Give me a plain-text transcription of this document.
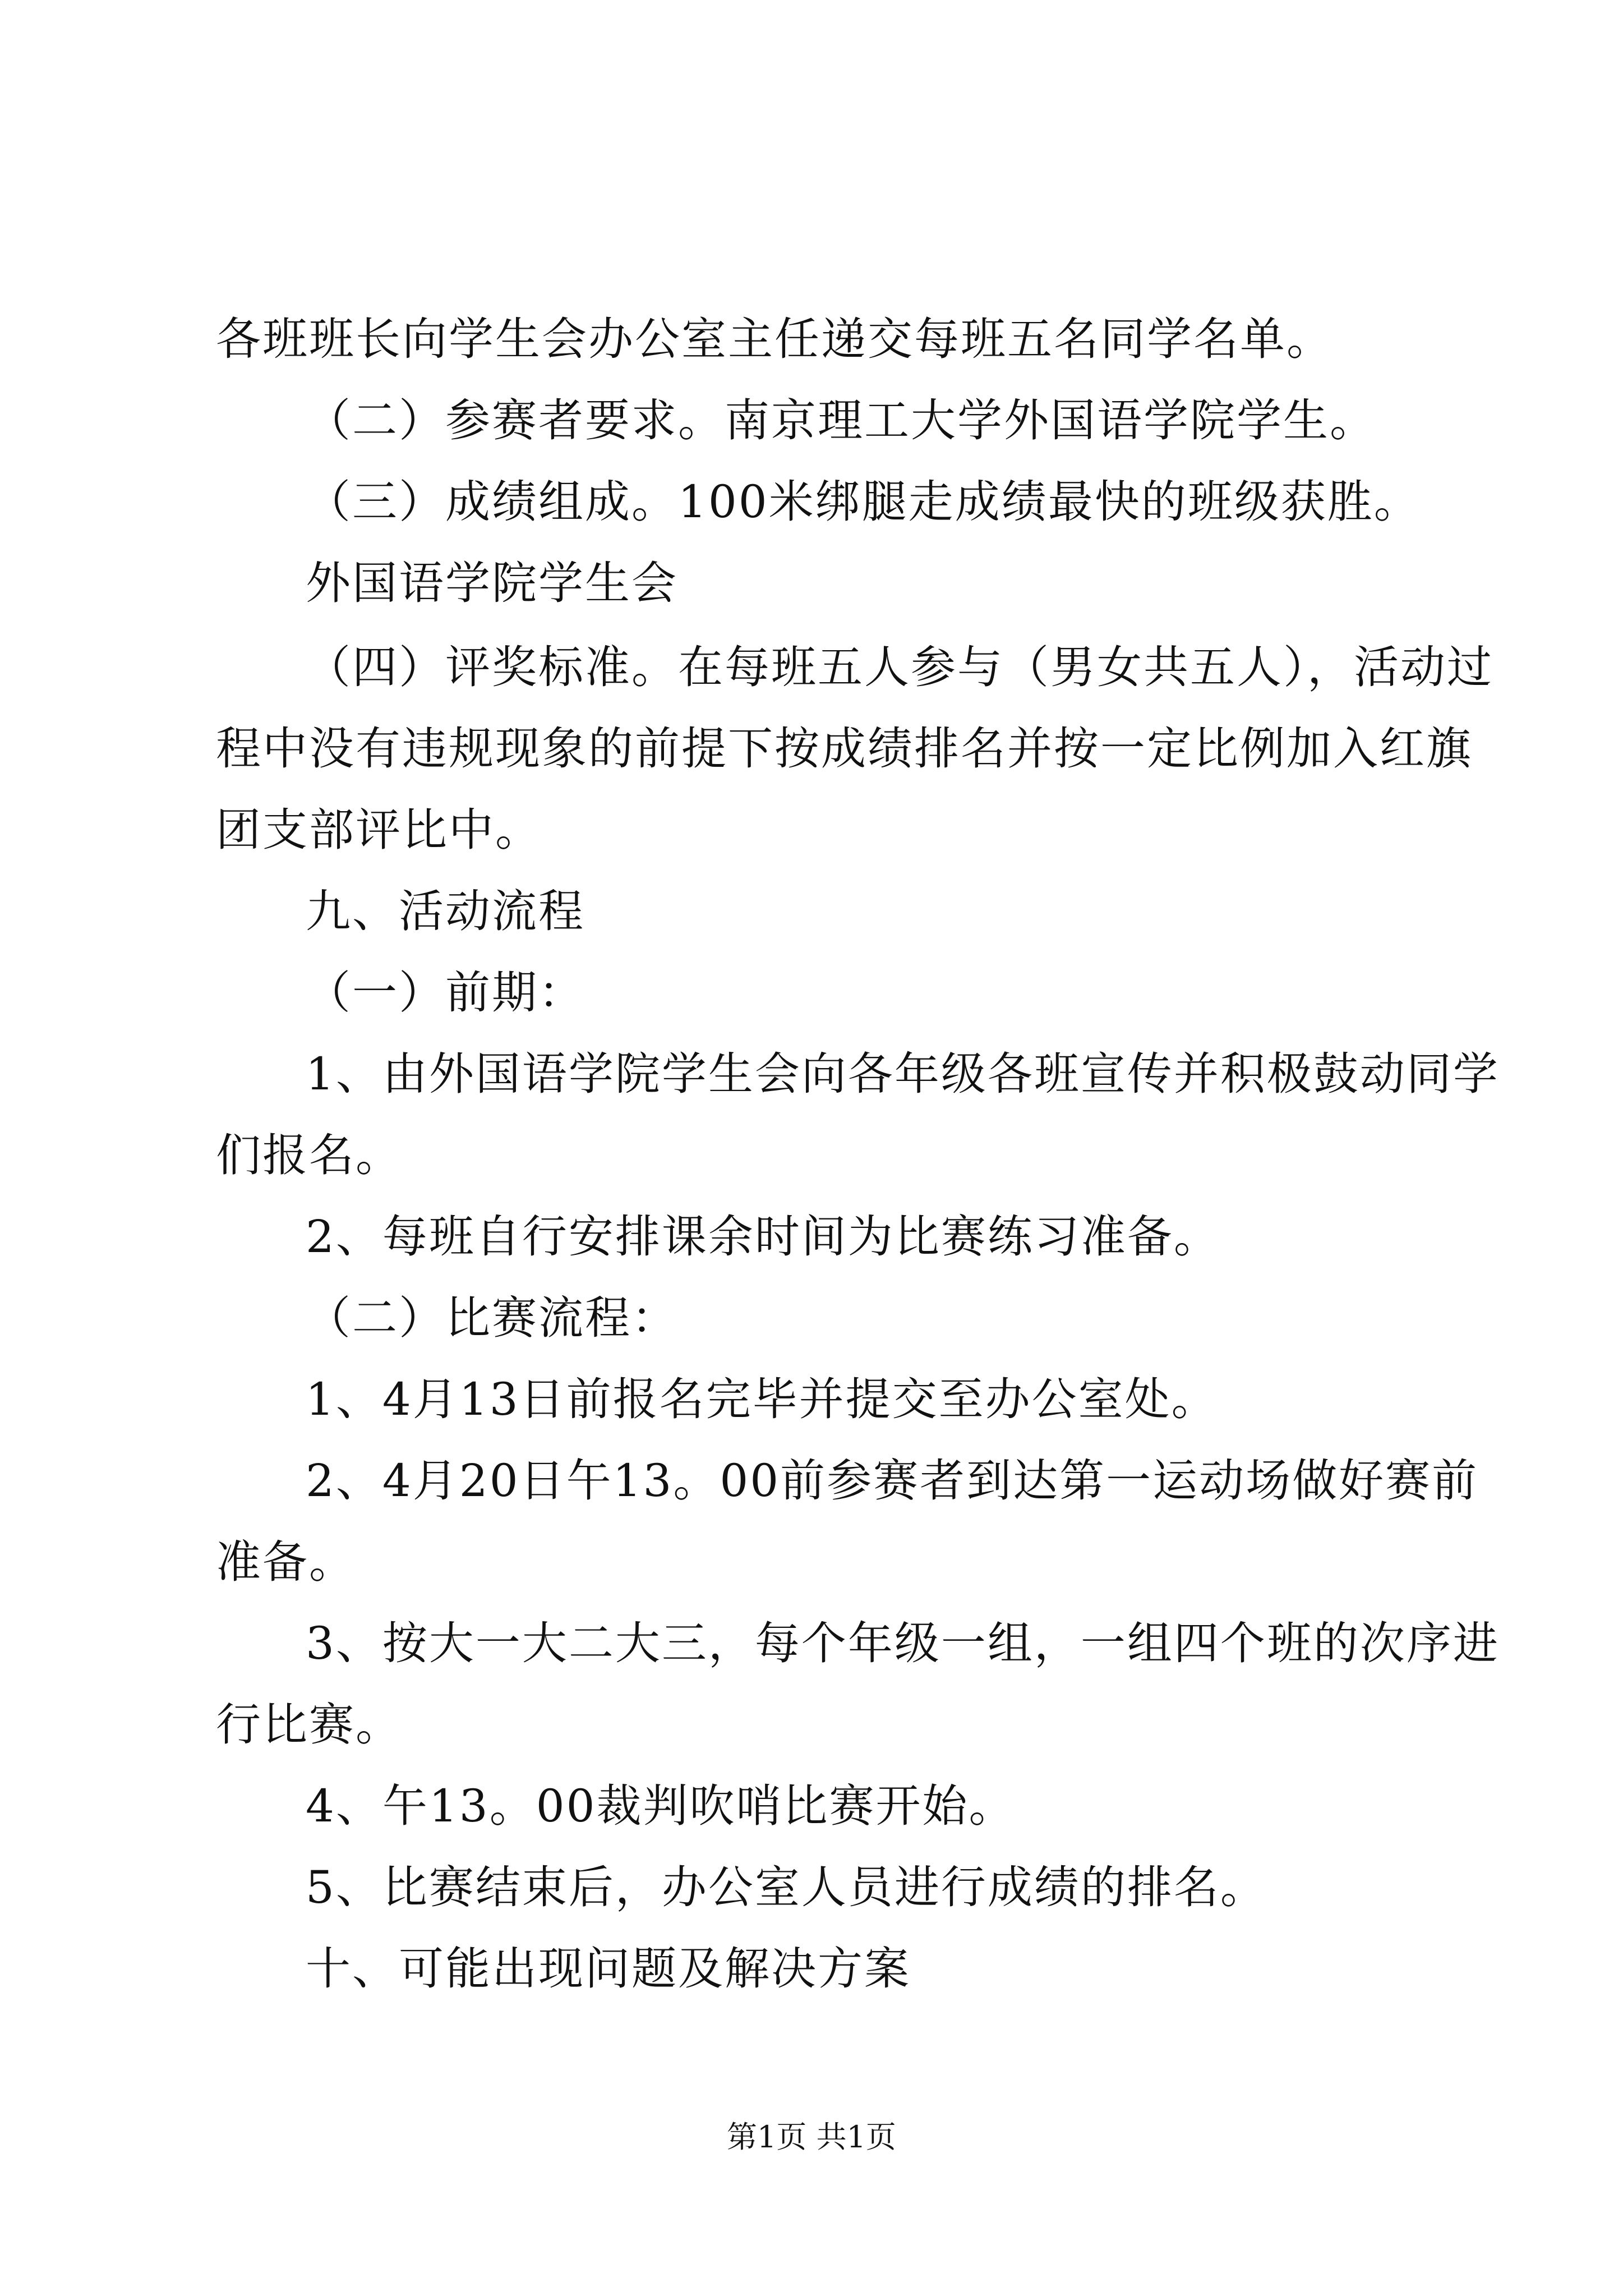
各班班长向学生会办公室主任递交每班五名同学名单。
（二）参赛者要求。南京理工大学外国语学院学生。
（三）成绩组成。100米绑腿走成绩最快的班级获胜。
外国语学院学生会
（四）评奖标准。在每班五人参与（男女共五人），活动过
程中没有违规现象的前提下按成绩排名并按一定比例加入红旗
团支部评比中。
九、活动流程
（一）前期：
1、由外国语学院学生会向各年级各班宣传并积极鼓动同学
们报名。
2、每班自行安排课余时间为比赛练习准备。
（二）比赛流程：
1、4月13日前报名完毕并提交至办公室处。
2、4月20日午13。00前参赛者到达第一运动场做好赛前
准备。
3、按大一大二大三，每个年级一组，一组四个班的次序进
行比赛。
4、午13。00裁判吹哨比赛开始。
5、比赛结束后，办公室人员进行成绩的排名。
十、可能出现问题及解决方案
第1页 共1页
